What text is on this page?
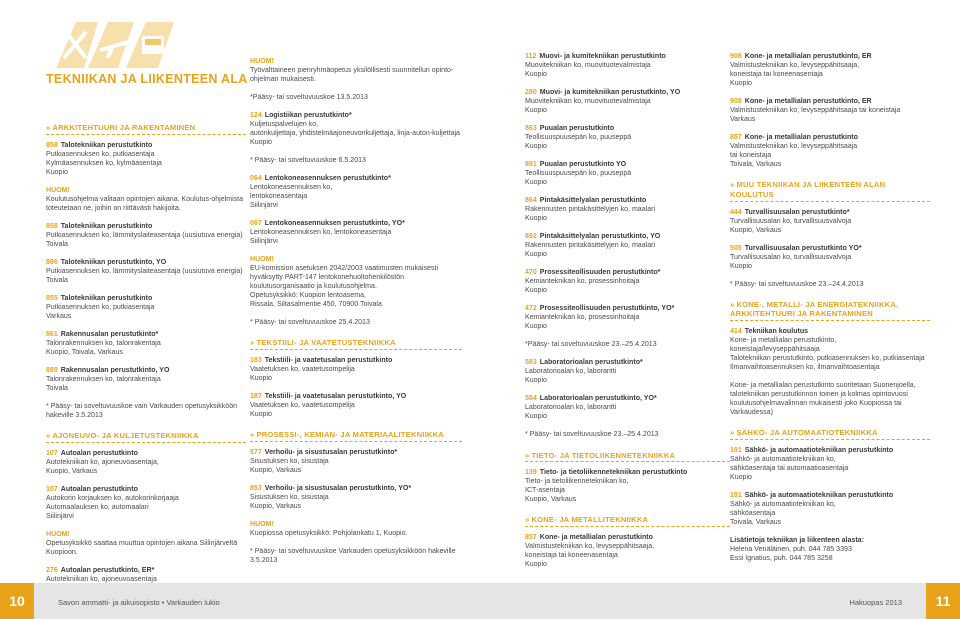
TEKNIIKAN JA LIIKENTEEN ALA
» ARKKITEHTUURI JA RAKENTAMINEN
858 Talotekniikan perustutkinto
Putkiasennuksen ko, putkiasentaja
Kylmäasennuksen ko, kylmäasentaja
Kuopio
HUOM!
Koulutusohjelma valitaan opintojen aikana. Koulutus-ohjelmista toteutetaan ne, joihin on riittävästi hakijoita.
858 Talotekniikan perustutkinto
Putkiasennuksen ko, lämmityslaiteasentaja (uusiutuva energia)
Toivala
886 Talotekniikan perustutkinto, YO
Putkiasennuksen ko, lämmityslaiteasentaja (uusiutuva energia)
Toivala
855 Talotekniikan perustutkinto
Putkiasennuksen ko, putkiasentaja
Varkaus
861 Rakennusalan perustutkinto*
Talonrakennuksen ko, talonrakentaja
Kuopio, Toivala, Varkaus
889 Rakennusalan perustutkinto, YO
Talonrakennuksen ko, talonrakentaja
Toivala
* Pääsy- tai soveltuvuuskoe vain Varkauden opetusyksikköön hakeville 3.5.2013
» AJONEUVO- JA KULJETUSTEKNIIKKA
107 Autoalan perustutkinto
Autotekniikan ko, ajoneuvoasentaja,
Kuopio, Varkaus
107 Autoalan perustutkinto
Autokorin korjauksen ko, autokorinkorjaaja
Automaalauksen ko, automaalari
Siilinjärvi
HUOM!
Opetusyksikkö saattaa muuttua opintojen aikana Siilinjärveltä Kuopioon.
276 Autoalan perustutkinto, ER*
Autotekniikan ko, ajoneuvoasentaja
HUOM!
Työvalttaineen pienryhmäopetus yksilöllisesti suunnitellun opinto-ohjelman mukaisesti.
*Pääsy- tai soveltuvuuskoe 13.5.2013
124 Logistiikan perustutkinto*
Kuljetuspalvelujen ko,
autonkuljettaja, yhdistelmäajoneuvonkuljettaja, linja-auton-kuljettaja
Kuopio
* Pääsy- tai soveltuvuuskoe 6.5.2013
064 Lentokoneasennuksen perustutkinto*
Lentokoneasennuksen ko,
lentokoneasentaja
Siilinjärvi
067 Lentokoneasennuksen perustutkinto, YO*
Lentokoneasennuksen ko, lentokoneasentaja
Siilinjärvi
HUOM!
EU-komission asetuksen 2042/2003 vaatimusten mukaisesti hyväksytty PART-147 lentokonehuoltohenkilöstön koulutusorganisaatio ja koulutusohjelma.
Opetusyksikkö: Kuopion lentoasema,
Rissala, Siltasalmentie 450, 70900 Toivala
* Pääsy- tai soveltuvuuskoe 25.4.2013
» TEKSTIILI- JA VAATETUSTEKNIIKKA
183 Tekstiili- ja vaatetusalan perustutkinto
Vaatetuksen ko, vaatetusompelija
Kuopio
187 Tekstiili- ja vaatetusalan perustutkinto, YO
Vaatetuksen ko, vaatetusompelija
Kuopio
» PROSESSI-, KEMIAN- JA MATERIAALITEKNIIKKA
577 Verhoilu- ja sisustusalan perustutkinto*
Sisustuksen ko, sisustaja
Kuopio, Varkaus
853 Verhoilu- ja sisustusalan perustutkinto, YO*
Sisustuksen ko, sisustaja
Kuopio, Varkaus
HUOM!
Kuopiossa opetusyksikkö: Pohjolankatu 1, Kuopio.
* Pääsy- tai soveltuvuuskoe Varkauden opetusyksikköön hakeville 3.5.2013
112 Muovi- ja kumitekniikan perustutkinto
Muovitekniikan ko, muovituotevalmistaja
Kuopio
280 Muovi- ja kumitekniikan perustutkinto, YO
Muovitekniikan ko, muovituotevalmistaja
Kuopio
863 Puualan perustutkinto
Teollisuuspuusepän ko, puuseppä
Kuopio
891 Puualan perustutkinto YO
Teollisuuspuusepän ko, puuseppä
Kuopio
864 Pintakäsittelyalan perustutkinto
Rakennusten pintakäsittelyjen ko, maalari
Kuopio
892 Pintakäsittelyalan perustutkinto, YO
Rakennusten pintakäsittelyjen ko, maalari
Kuopio
470 Prosessiteollisuuden perustutkinto*
Kemianteknikan ko, prosessinhoitaja
Kuopio
472 Prosessiteollisuuden perustutkinto, YO*
Kemianteknikan ko, prosessinhoitaja
Kuopio
*Pääsy- tai soveltuvuuskoe 23.–25.4.2013
583 Laboratorioalan perustutkinto*
Laboratorioalan ko, laborantti
Kuopio
584 Laboratorioalan perustutkinto, YO*
Laboratorioalan ko, laborantti
Kuopio
* Pääsy- tai soveltuvuuskoe 23.–25.4.2013
» TIETO- JA TIETOLIIKENNETEKNIIKKA
139 Tieto- ja tietoliikennetekniikan perustutkinto
Tieto- ja tietoliikennetekniikan ko,
ICT-asentaja
Kuopio, Varkaus
» KONE- JA METALLITEKNIIKKA
857 Kone- ja metallialan perustutkinto
Valmistustekniikan ko, levyseppähitsaaja,
koneistaja tai koneenasentaja
Kuopio
908 Kone- ja metallialan perustutkinto, ER
Valmistustekniikan ko, levyseppähitsaaja,
koneistaja tai koneenasentaja
Kuopio
908 Kone- ja metallialan perustutkinto, ER
Valmistustekniikan ko, levyseppähitsaaja tai koneistaja
Varkaus
857 Kone- ja metallialan perustutkinto
Valmistustekniikan ko, levyseppähitsaaja
tai koneistaja
Toivala, Varkaus
» MUU TEKNIIKAN JA LIIKENTEEN ALAN KOULUTUS
444 Turvallisuusalan perustutkinto*
Turvallisuusalan ko, turvallisuusvalvoja
Kuopio, Varkaus
505 Turvallisuusalan perustutkinto YO*
Turvallisuusalan ko, turvallisuusvalvoja
Kuopio
* Pääsy- tai soveltuvuuskoe 23.–24.4.2013
» KONE-, METALLI- JA ENERGIATEKNIIKKA, ARKKITEHTUURI JA RAKENTAMINEN
414 Tekniikan koulutus
Kone- ja metallialan perustutkinto,
koneistaja/levyseppähitsaaja
Talotekniikan perustutkinto, putkiasennuksen ko, putkiasentaja
Ilmanvaihtoasennuksen ko, ilmanvaihtoasentaja
Kone- ja metallialan perustutkinto suoritetaan Suonenjoella, talotekniikan perustutkinnon toinen ja kolmas opintovuosi koulutusohjelmavalinnan mukaisesti joko Kuopiossa tai Varkaudessa)
» SÄHKÖ- JA AUTOMAATIOTEKNIIKKA
191 Sähkö- ja automaatiotekniikan perustutkinto
Sähkö- ja automaatiotekniikan ko,
sähköasentaja tai automaatioasentaja
Kuopio
191 Sähkö- ja automaatiotekniikan perustutkinto
Sähkö- ja automaatiotekniikan ko,
sähköasentaja
Toivala, Varkaus
Lisätietoja tekniikan ja liikenteen alasta:
Helena Venäläinen, puh. 044 785 3393
Essi Ignatius, puh. 044 785 3258
10	Savon ammatti- ja aikuisopisto • Varkauden lukio	Hakuopas 2013	11
